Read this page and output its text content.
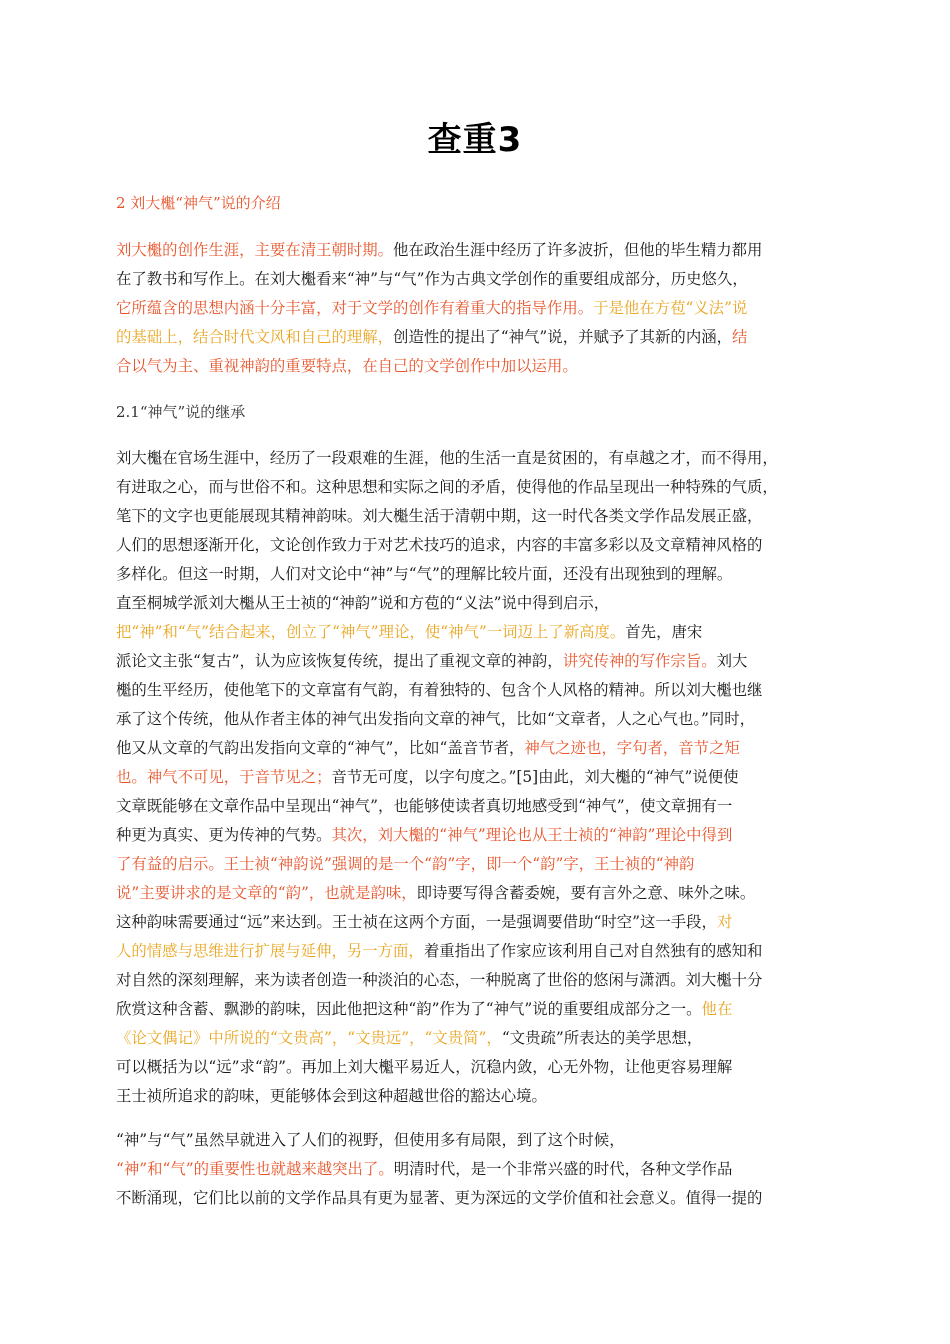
查重3
2 刘大櫆“神气”说的介绍
刘大櫆的创作生涯，主要在清王朝时期。他在政治生涯中经历了许多波折，但他的毕生精力都用
在了教书和写作上。在刘大櫆看来“神”与“气”作为古典文学创作的重要组成部分，历史悠久，
它所蕴含的思想内涵十分丰富，对于文学的创作有着重大的指导作用。于是他在方苞“义法”说
的基础上，结合时代文风和自己的理解，创造性的提出了“神气”说，并赋予了其新的内涵，结
合以气为主、重视神韵的重要特点，在自己的文学创作中加以运用。
2.1“神气”说的继承
刘大櫆在官场生涯中，经历了一段艰难的生涯，他的生活一直是贫困的，有卓越之才，而不得用，
有进取之心，而与世俗不和。这种思想和实际之间的矛盾，使得他的作品呈现出一种特殊的气质，
笔下的文字也更能展现其精神韵味。刘大櫆生活于清朝中期，这一时代各类文学作品发展正盛，
人们的思想逐渐开化，文论创作致力于对艺术技巧的追求，内容的丰富多彩以及文章精神风格的
多样化。但这一时期，人们对文论中“神”与“气”的理解比较片面，还没有出现独到的理解。
直至桐城学派刘大櫆从王士祯的“神韵”说和方苞的“义法”说中得到启示，
把“神”和“气”结合起来，创立了“神气”理论，使“神气”一词迈上了新高度。首先，唐宋
派论文主张“复古”，认为应该恢复传统，提出了重视文章的神韵，讲究传神的写作宗旨。刘大
櫆的生平经历，使他笔下的文章富有气韵，有着独特的、包含个人风格的精神。所以刘大櫆也继
承了这个传统，他从作者主体的神气出发指向文章的神气，比如“文章者，人之心气也。”同时，
他又从文章的气韵出发指向文章的“神气”，比如“盖音节者，神气之迹也，字句者，音节之矩
也。神气不可见，于音节见之；音节无可度，以字句度之。”[5]由此，刘大櫆的“神气”说便使
文章既能够在文章作品中呈现出“神气”，也能够使读者真切地感受到“神气”，使文章拥有一
种更为真实、更为传神的气势。其次，刘大櫆的“神气”理论也从王士祯的“神韵”理论中得到
了有益的启示。王士祯“神韵说”强调的是一个“韵”字，即一个“韵”字，王士祯的“神韵
说”主要讲求的是文章的“韵”，也就是韵味，即诗要写得含蓄委婉，要有言外之意、味外之味。
这种韵味需要通过“远”来达到。王士祯在这两个方面，一是强调要借助“时空”这一手段，对
人的情感与思维进行扩展与延伸，另一方面，着重指出了作家应该利用自己对自然独有的感知和
对自然的深刻理解，来为读者创造一种淡泊的心态，一种脱离了世俗的悠闲与潇洒。刘大櫆十分
欣赏这种含蓄、飘渺的韵味，因此他把这种“韵”作为了“神气”说的重要组成部分之一。他在
《论文偶记》中所说的“文贵高”，“文贵远”，“文贵简”，“文贵疏”所表达的美学思想，
可以概括为以“远”求“韵”。再加上刘大櫆平易近人，沉稳内敛，心无外物，让他更容易理解
王士祯所追求的韵味，更能够体会到这种超越世俗的豁达心境。
“神”与“气”虽然早就进入了人们的视野，但使用多有局限，到了这个时候，
“神”和“气”的重要性也就越来越突出了。明清时代，是一个非常兴盛的时代，各种文学作品
不断涌现，它们比以前的文学作品具有更为显著、更为深远的文学价值和社会意义。值得一提的
